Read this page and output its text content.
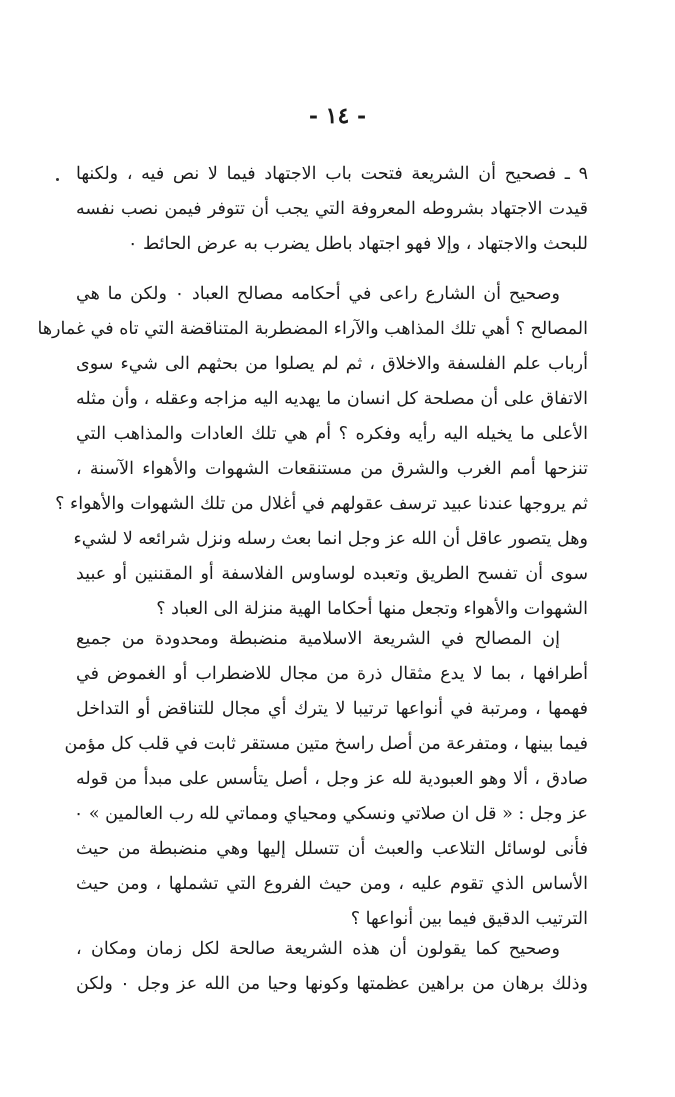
- ١٤ -
٩ ـ فصحيح أن الشريعة فتحت باب الاجتهاد فيما لا نص فيه ، ولكنها
قيدت الاجتهاد بشروطه المعروفة التي يجب أن تتوفر فيمن نصب نفسه
للبحث والاجتهاد ، وإلا فهو اجتهاد باطل يضرب به عرض الحائط ٠
وصحيح أن الشارع راعى في أحكامه مصالح العباد ٠ ولكن ما هي
المصالح ؟ أهي تلك المذاهب والآراء المضطربة المتناقضة التي تاه في غمارها
أرباب علم الفلسفة والاخلاق ، ثم لم يصلوا من بحثهم الى شيء سوى
الاتفاق على أن مصلحة كل انسان ما يهديه اليه مزاجه وعقله ، وأن مثله
الأعلى ما يخيله اليه رأيه وفكره ؟ أم هي تلك العادات والمذاهب التي
تنزحها أمم الغرب والشرق من مستنقعات الشهوات والأهواء الآسنة ،
ثم يروجها عندنا عبيد ترسف عقولهم في أغلال من تلك الشهوات والأهواء ؟
وهل يتصور عاقل أن الله عز وجل انما بعث رسله ونزل شرائعه لا لشيء
سوى أن تفسح الطريق وتعبده لوساوس الفلاسفة أو المقننين أو عبيد
الشهوات والأهواء وتجعل منها أحكاما الهية منزلة الى العباد ؟
إن المصالح في الشريعة الاسلامية منضبطة ومحدودة من جميع
أطرافها ، بما لا يدع مثقال ذرة من مجال للاضطراب أو الغموض في
فهمها ، ومرتبة في أنواعها ترتيبا لا يترك أي مجال للتناقض أو التداخل
فيما بينها ، ومتفرعة من أصل راسخ متين مستقر ثابت في قلب كل مؤمن
صادق ، ألا وهو العبودية لله عز وجل ، أصل يتأسس على مبدأ من قوله
عز وجل : « قل ان صلاتي ونسكي ومحياي ومماتي لله رب العالمين » ٠
فأنى لوسائل التلاعب والعبث أن تتسلل إليها وهي منضبطة من حيث
الأساس الذي تقوم عليه ، ومن حيث الفروع التي تشملها ، ومن حيث
الترتيب الدقيق فيما بين أنواعها ؟
وصحيح كما يقولون أن هذه الشريعة صالحة لكل زمان ومكان ،
وذلك برهان من براهين عظمتها وكونها وحيا من الله عز وجل ٠ ولكن
